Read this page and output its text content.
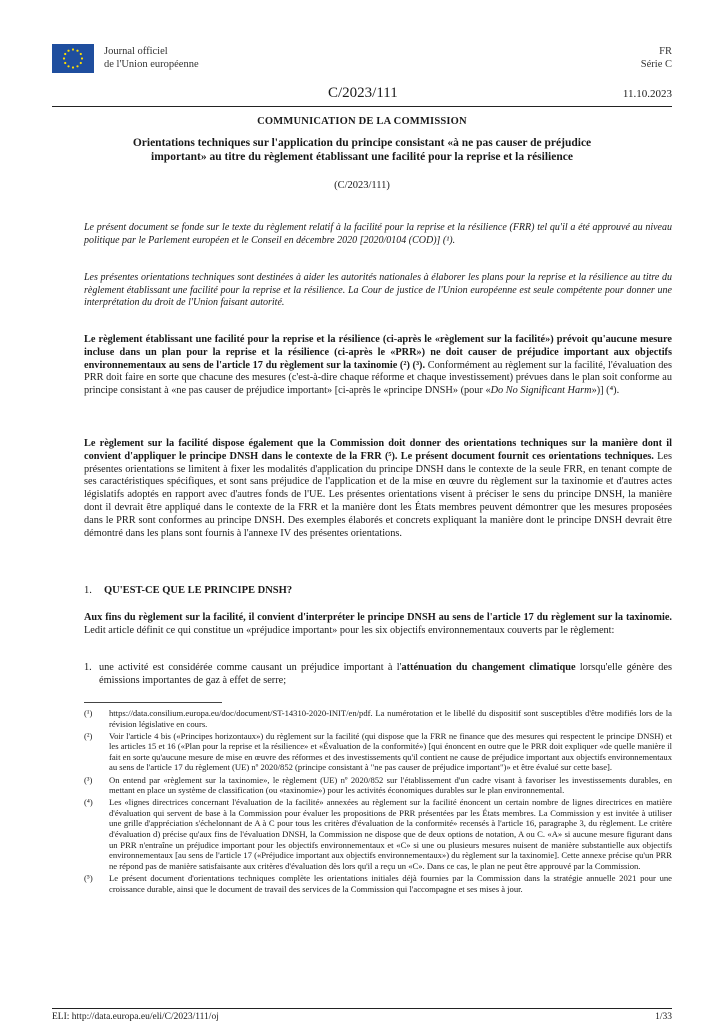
Journal officiel
de l'Union européenne
FR
Série C
C/2023/111	11.10.2023
COMMUNICATION DE LA COMMISSION
Orientations techniques sur l'application du principe consistant «à ne pas causer de préjudice important» au titre du règlement établissant une facilité pour la reprise et la résilience
(C/2023/111)

Le présent document se fonde sur le texte du règlement relatif à la facilité pour la reprise et la résilience (FRR) tel qu'il a été approuvé au niveau politique par le Parlement européen et le Conseil en décembre 2020 [2020/0104 (COD)] (¹).

Les présentes orientations techniques sont destinées à aider les autorités nationales à élaborer les plans pour la reprise et la résilience au titre du règlement établissant une facilité pour la reprise et la résilience. La Cour de justice de l'Union européenne est seule compétente pour donner une interprétation du droit de l'Union faisant autorité.

Le règlement établissant une facilité pour la reprise et la résilience (ci-après le «règlement sur la facilité») prévoit qu'aucune mesure incluse dans un plan pour la reprise et la résilience (ci-après le «PRR») ne doit causer de préjudice important aux objectifs environnementaux au sens de l'article 17 du règlement sur la taxinomie (²) (³). Conformément au règlement sur la facilité, l'évaluation des PRR doit faire en sorte que chacune des mesures (c'est-à-dire chaque réforme et chaque investissement) prévues dans le plan soit conforme au principe consistant à «ne pas causer de préjudice important» [ci-après le «principe DNSH» (pour «Do No Significant Harm»)] (⁴).

Le règlement sur la facilité dispose également que la Commission doit donner des orientations techniques sur la manière dont il convient d'appliquer le principe DNSH dans le contexte de la FRR (⁵). Le présent document fournit ces orientations techniques. Les présentes orientations se limitent à fixer les modalités d'application du principe DNSH dans le contexte de la seule FRR, en tenant compte de ses caractéristiques spécifiques, et sont sans préjudice de l'application et de la mise en œuvre du règlement sur la taxinomie et d'autres actes législatifs adoptés en rapport avec d'autres fonds de l'UE. Les présentes orientations visent à préciser le sens du principe DNSH, la manière dont il devrait être appliqué dans le contexte de la FRR et la manière dont les États membres peuvent démontrer que les mesures proposées dans le PRR sont conformes au principe DNSH. Des exemples élaborés et concrets expliquant la manière dont le principe DNSH devrait être démontré dans les plans sont fournis à l'annexe IV des présentes orientations.

1. QU'EST-CE QUE LE PRINCIPE DNSH?

Aux fins du règlement sur la facilité, il convient d'interpréter le principe DNSH au sens de l'article 17 du règlement sur la taxinomie. Ledit article définit ce qui constitue un «préjudice important» pour les six objectifs environnementaux couverts par le règlement:

1. une activité est considérée comme causant un préjudice important à l'atténuation du changement climatique lorsqu'elle génère des émissions importantes de gaz à effet de serre;
(¹) https://data.consilium.europa.eu/doc/document/ST-14310-2020-INIT/en/pdf. La numérotation et le libellé du dispositif sont susceptibles d'être modifiés lors de la révision législative en cours.
(²) Voir l'article 4 bis («Principes horizontaux») du règlement sur la facilité (qui dispose que la FRR ne finance que des mesures qui respectent le principe DNSH) et les articles 15 et 16 («Plan pour la reprise et la résilience» et «Évaluation de la conformité») [qui énoncent en outre que le PRR doit expliquer «de quelle manière il fait en sorte qu'aucune mesure de mise en œuvre des réformes et des investissements qu'il contient ne cause de préjudice important aux objectifs environnementaux au sens de l'article 17 du règlement (UE) nº 2020/852 (principe consistant à "ne pas causer de préjudice important")» et être évalué sur cette base].
(³) On entend par «règlement sur la taxinomie», le règlement (UE) nº 2020/852 sur l'établissement d'un cadre visant à favoriser les investissements durables, en mettant en place un système de classification (ou «taxinomie») pour les activités économiques durables sur le plan environnemental.
(⁴) Les «lignes directrices concernant l'évaluation de la facilité» annexées au règlement sur la facilité énoncent un certain nombre de lignes directrices en matière d'évaluation qui servent de base à la Commission pour évaluer les propositions de PRR présentées par les États membres. La Commission y est invitée à utiliser une grille d'appréciation s'échelonnant de A à C pour tous les critères d'évaluation de la conformité» recensés à l'article 16, paragraphe 3, du règlement. Le critère d'évaluation d) précise qu'aux fins de l'évaluation DNSH, la Commission ne dispose que de deux options de notation, A ou C. «A» si aucune mesure figurant dans un PRR n'entraîne un préjudice important pour les objectifs environnementaux et «C» si une ou plusieurs mesures nuisent de manière substantielle aux objectifs environnementaux [au sens de l'article 17 («Préjudice important aux objectifs environnementaux») du règlement sur la taxinomie]. Cette annexe précise qu'un PRR ne répond pas de manière satisfaisante aux critères d'évaluation dès lors qu'il a reçu un «C». Dans ce cas, le plan ne peut être approuvé par la Commission.
(⁵) Le présent document d'orientations techniques complète les orientations initiales déjà fournies par la Commission dans la stratégie annuelle 2021 pour une croissance durable, ainsi que le document de travail des services de la Commission qui l'accompagne et ses mises à jour.
ELI: http://data.europa.eu/eli/C/2023/111/oj	1/33
